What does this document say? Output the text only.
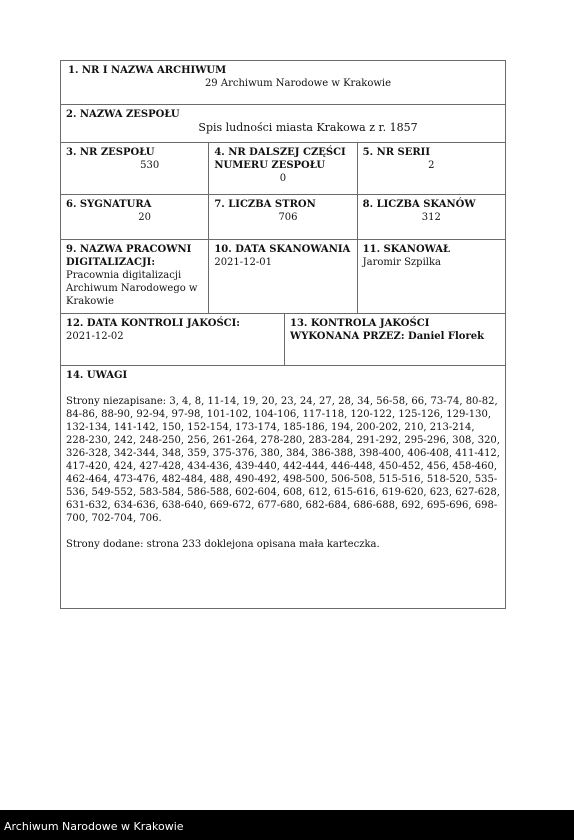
1. NR I NAZWA ARCHIWUM
29 Archiwum Narodowe w Krakowie
2. NAZWA ZESPOŁU
Spis ludności miasta Krakowa z r. 1857
3. NR ZESPOŁU
530
4. NR DALSZEJ CZĘŚCI NUMERU ZESPOŁU
0
5. NR SERII
2
6. SYGNATURA
20
7. LICZBA STRON
706
8. LICZBA SKANÓW
312
9. NAZWA PRACOWNI DIGITALIZACJI:
Pracownia digitalizacji Archiwum Narodowego w Krakowie
10. DATA SKANOWANIA
2021-12-01
11. SKANOWAŁ
Jaromir Szpilka
12. DATA KONTROLI JAKOŚCI:
2021-12-02
13. KONTROLA JAKOŚCI WYKONANA PRZEZ: Daniel Florek
14. UWAGI

Strony niezapisane: 3, 4, 8, 11-14, 19, 20, 23, 24, 27, 28, 34, 56-58, 66, 73-74, 80-82, 84-86, 88-90, 92-94, 97-98, 101-102, 104-106, 117-118, 120-122, 125-126, 129-130, 132-134, 141-142, 150, 152-154, 173-174, 185-186, 194, 200-202, 210, 213-214, 228-230, 242, 248-250, 256, 261-264, 278-280, 283-284, 291-292, 295-296, 308, 320, 326-328, 342-344, 348, 359, 375-376, 380, 384, 386-388, 398-400, 406-408, 411-412, 417-420, 424, 427-428, 434-436, 439-440, 442-444, 446-448, 450-452, 456, 458-460, 462-464, 473-476, 482-484, 488, 490-492, 498-500, 506-508, 515-516, 518-520, 535-536, 549-552, 583-584, 586-588, 602-604, 608, 612, 615-616, 619-620, 623, 627-628, 631-632, 634-636, 638-640, 669-672, 677-680, 682-684, 686-688, 692, 695-696, 698-700, 702-704, 706.

Strony dodane: strona 233 doklejona opisana mała karteczka.

Archiwum Narodowe w Krakowie
